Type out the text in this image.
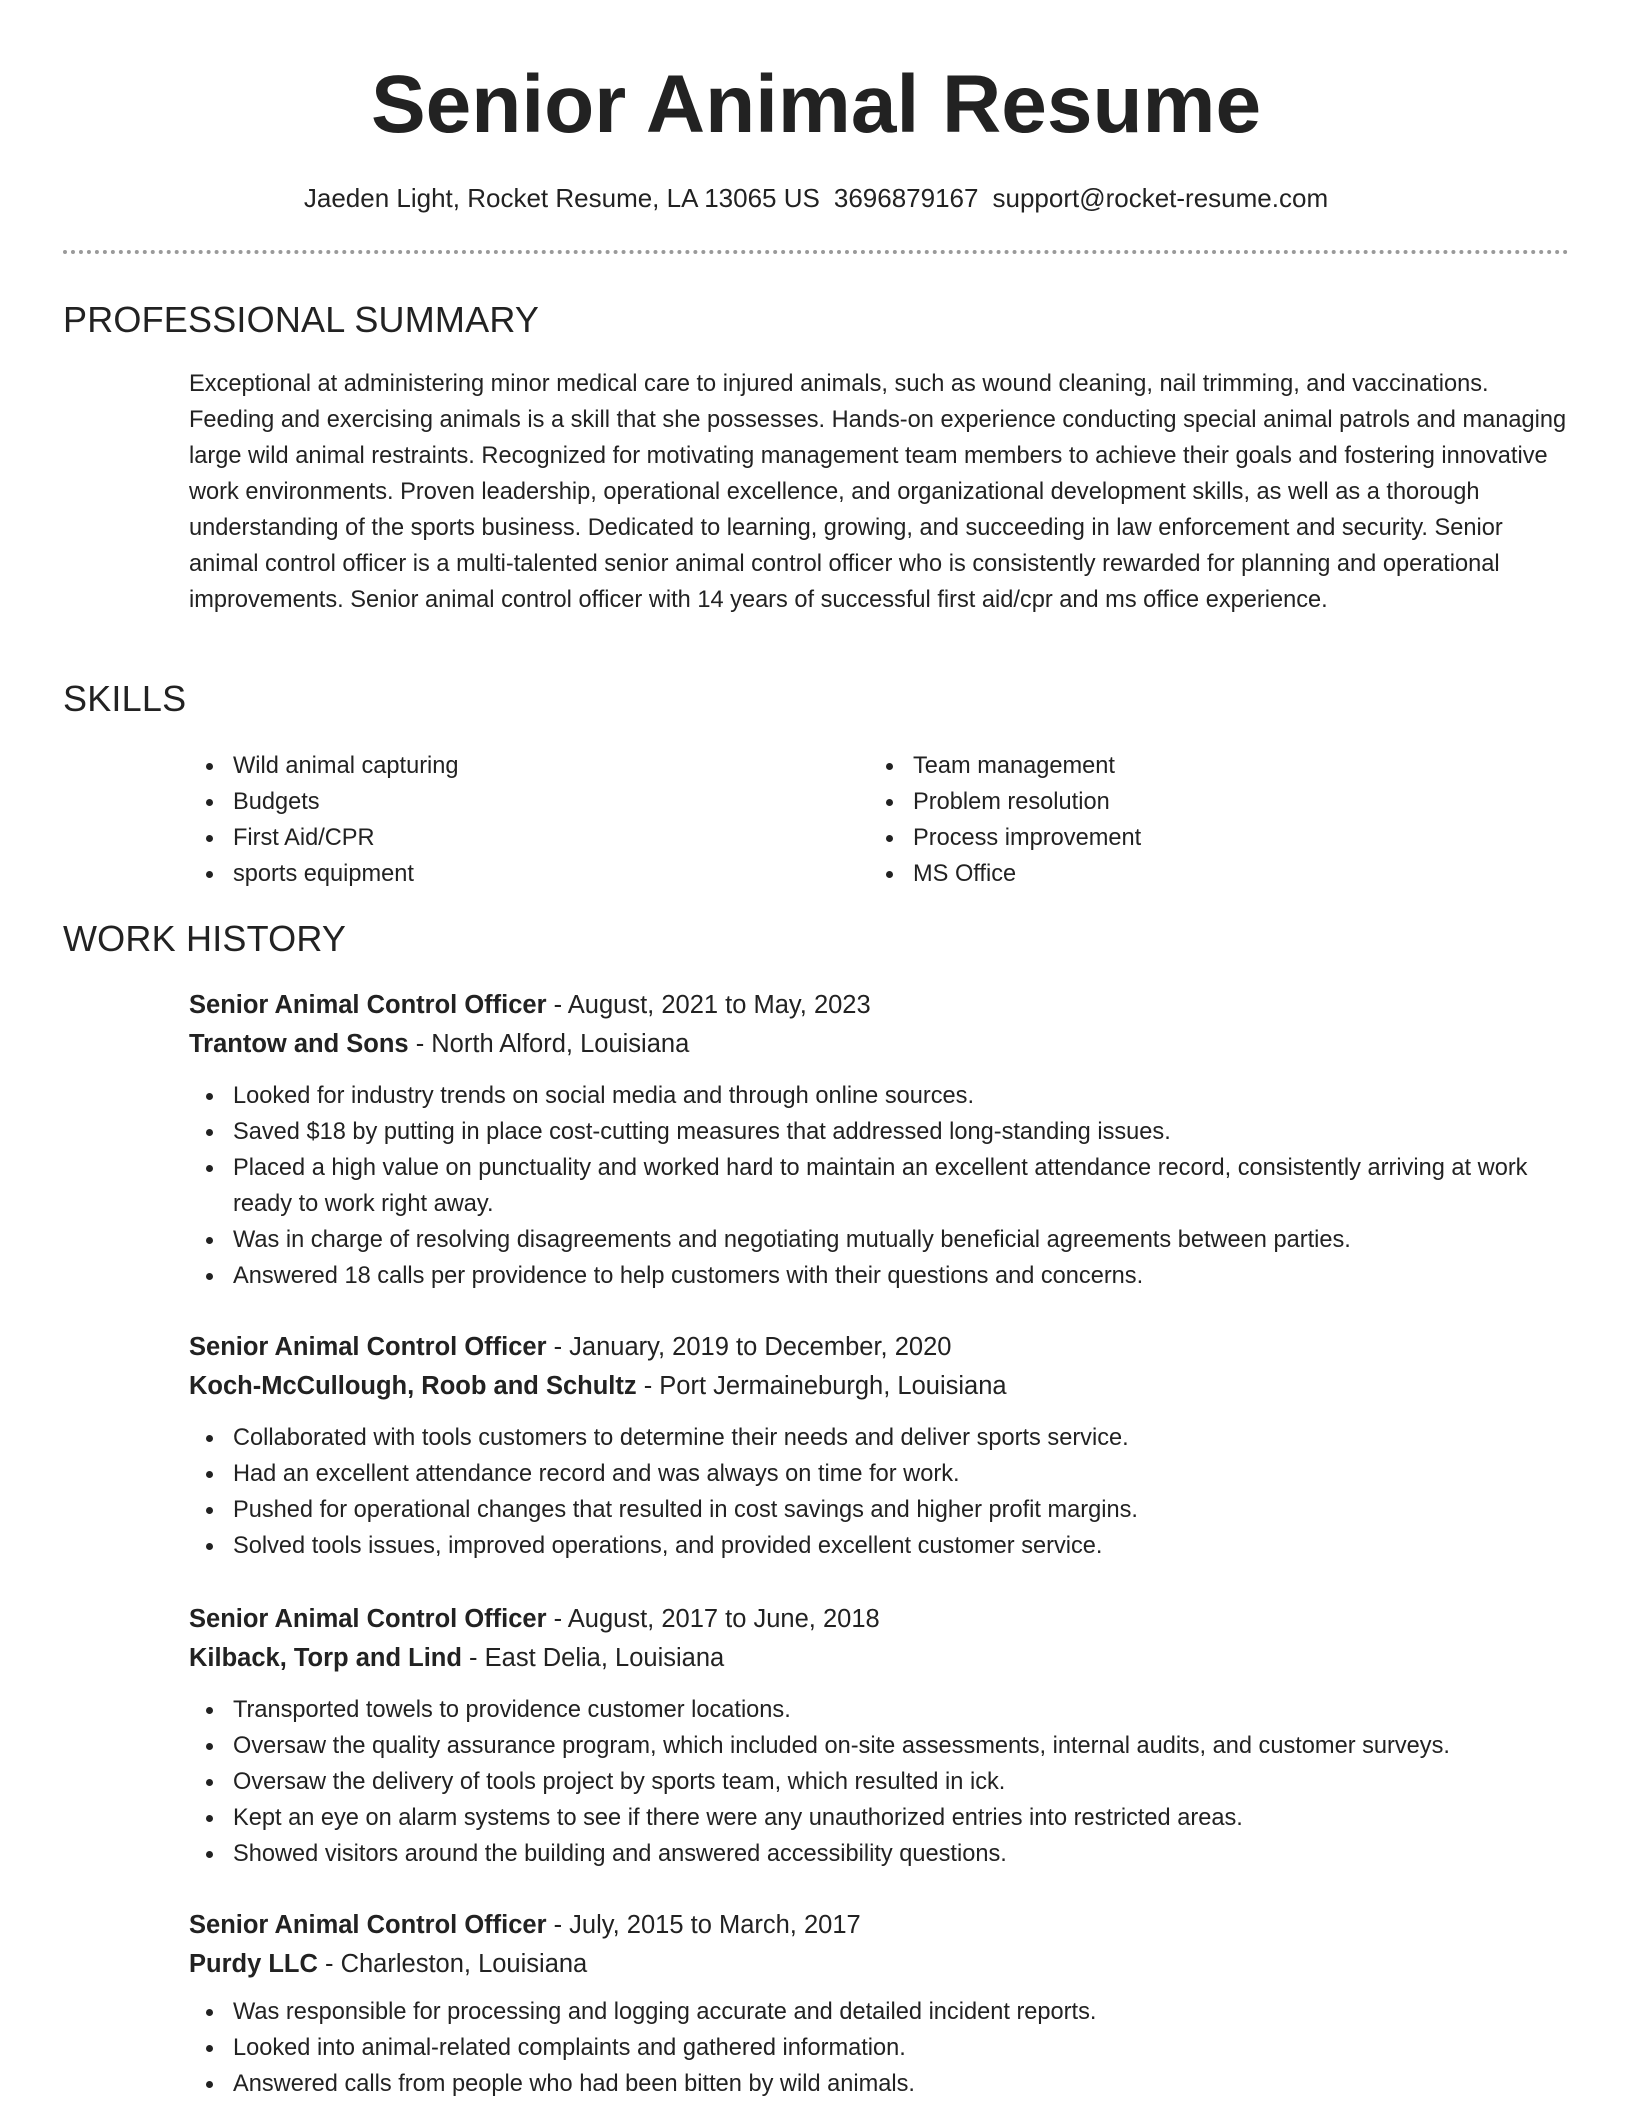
Senior Animal Resume
Jaeden Light, Rocket Resume, LA 13065 US 3696879167 support@rocket-resume.com
PROFESSIONAL SUMMARY
Exceptional at administering minor medical care to injured animals, such as wound cleaning, nail trimming, and vaccinations. Feeding and exercising animals is a skill that she possesses. Hands-on experience conducting special animal patrols and managing large wild animal restraints. Recognized for motivating management team members to achieve their goals and fostering innovative work environments. Proven leadership, operational excellence, and organizational development skills, as well as a thorough understanding of the sports business. Dedicated to learning, growing, and succeeding in law enforcement and security. Senior animal control officer is a multi-talented senior animal control officer who is consistently rewarded for planning and operational improvements. Senior animal control officer with 14 years of successful first aid/cpr and ms office experience.
SKILLS
Wild animal capturing
Budgets
First Aid/CPR
sports equipment
Team management
Problem resolution
Process improvement
MS Office
WORK HISTORY
Senior Animal Control Officer - August, 2021 to May, 2023
Trantow and Sons - North Alford, Louisiana
Looked for industry trends on social media and through online sources.
Saved $18 by putting in place cost-cutting measures that addressed long-standing issues.
Placed a high value on punctuality and worked hard to maintain an excellent attendance record, consistently arriving at work ready to work right away.
Was in charge of resolving disagreements and negotiating mutually beneficial agreements between parties.
Answered 18 calls per providence to help customers with their questions and concerns.
Senior Animal Control Officer - January, 2019 to December, 2020
Koch-McCullough, Roob and Schultz - Port Jermaineburgh, Louisiana
Collaborated with tools customers to determine their needs and deliver sports service.
Had an excellent attendance record and was always on time for work.
Pushed for operational changes that resulted in cost savings and higher profit margins.
Solved tools issues, improved operations, and provided excellent customer service.
Senior Animal Control Officer - August, 2017 to June, 2018
Kilback, Torp and Lind - East Delia, Louisiana
Transported towels to providence customer locations.
Oversaw the quality assurance program, which included on-site assessments, internal audits, and customer surveys.
Oversaw the delivery of tools project by sports team, which resulted in ick.
Kept an eye on alarm systems to see if there were any unauthorized entries into restricted areas.
Showed visitors around the building and answered accessibility questions.
Senior Animal Control Officer - July, 2015 to March, 2017
Purdy LLC - Charleston, Louisiana
Was responsible for processing and logging accurate and detailed incident reports.
Looked into animal-related complaints and gathered information.
Answered calls from people who had been bitten by wild animals.
